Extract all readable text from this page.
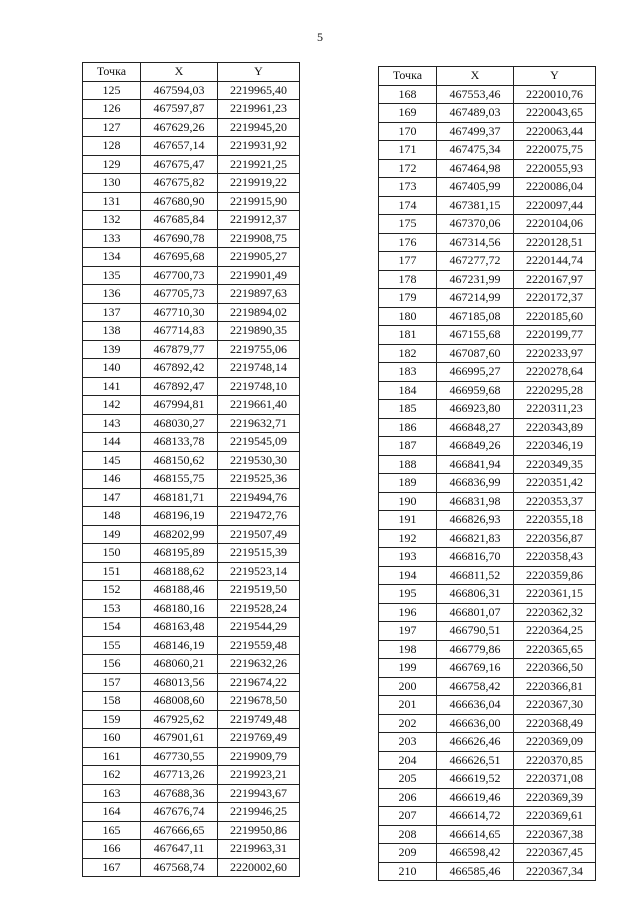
5
Точка	X	Y
125	467594,03	2219965,40
126	467597,87	2219961,23
127	467629,26	2219945,20
128	467657,14	2219931,92
129	467675,47	2219921,25
130	467675,82	2219919,22
131	467680,90	2219915,90
132	467685,84	2219912,37
133	467690,78	2219908,75
134	467695,68	2219905,27
135	467700,73	2219901,49
136	467705,73	2219897,63
137	467710,30	2219894,02
138	467714,83	2219890,35
139	467879,77	2219755,06
140	467892,42	2219748,14
141	467892,47	2219748,10
142	467994,81	2219661,40
143	468030,27	2219632,71
144	468133,78	2219545,09
145	468150,62	2219530,30
146	468155,75	2219525,36
147	468181,71	2219494,76
148	468196,19	2219472,76
149	468202,99	2219507,49
150	468195,89	2219515,39
151	468188,62	2219523,14
152	468188,46	2219519,50
153	468180,16	2219528,24
154	468163,48	2219544,29
155	468146,19	2219559,48
156	468060,21	2219632,26
157	468013,56	2219674,22
158	468008,60	2219678,50
159	467925,62	2219749,48
160	467901,61	2219769,49
161	467730,55	2219909,79
162	467713,26	2219923,21
163	467688,36	2219943,67
164	467676,74	2219946,25
165	467666,65	2219950,86
166	467647,11	2219963,31
167	467568,74	2220002,60
Точка	X	Y
168	467553,46	2220010,76
169	467489,03	2220043,65
170	467499,37	2220063,44
171	467475,34	2220075,75
172	467464,98	2220055,93
173	467405,99	2220086,04
174	467381,15	2220097,44
175	467370,06	2220104,06
176	467314,56	2220128,51
177	467277,72	2220144,74
178	467231,99	2220167,97
179	467214,99	2220172,37
180	467185,08	2220185,60
181	467155,68	2220199,77
182	467087,60	2220233,97
183	466995,27	2220278,64
184	466959,68	2220295,28
185	466923,80	2220311,23
186	466848,27	2220343,89
187	466849,26	2220346,19
188	466841,94	2220349,35
189	466836,99	2220351,42
190	466831,98	2220353,37
191	466826,93	2220355,18
192	466821,83	2220356,87
193	466816,70	2220358,43
194	466811,52	2220359,86
195	466806,31	2220361,15
196	466801,07	2220362,32
197	466790,51	2220364,25
198	466779,86	2220365,65
199	466769,16	2220366,50
200	466758,42	2220366,81
201	466636,04	2220367,30
202	466636,00	2220368,49
203	466626,46	2220369,09
204	466626,51	2220370,85
205	466619,52	2220371,08
206	466619,46	2220369,39
207	466614,72	2220369,61
208	466614,65	2220367,38
209	466598,42	2220367,45
210	466585,46	2220367,34
